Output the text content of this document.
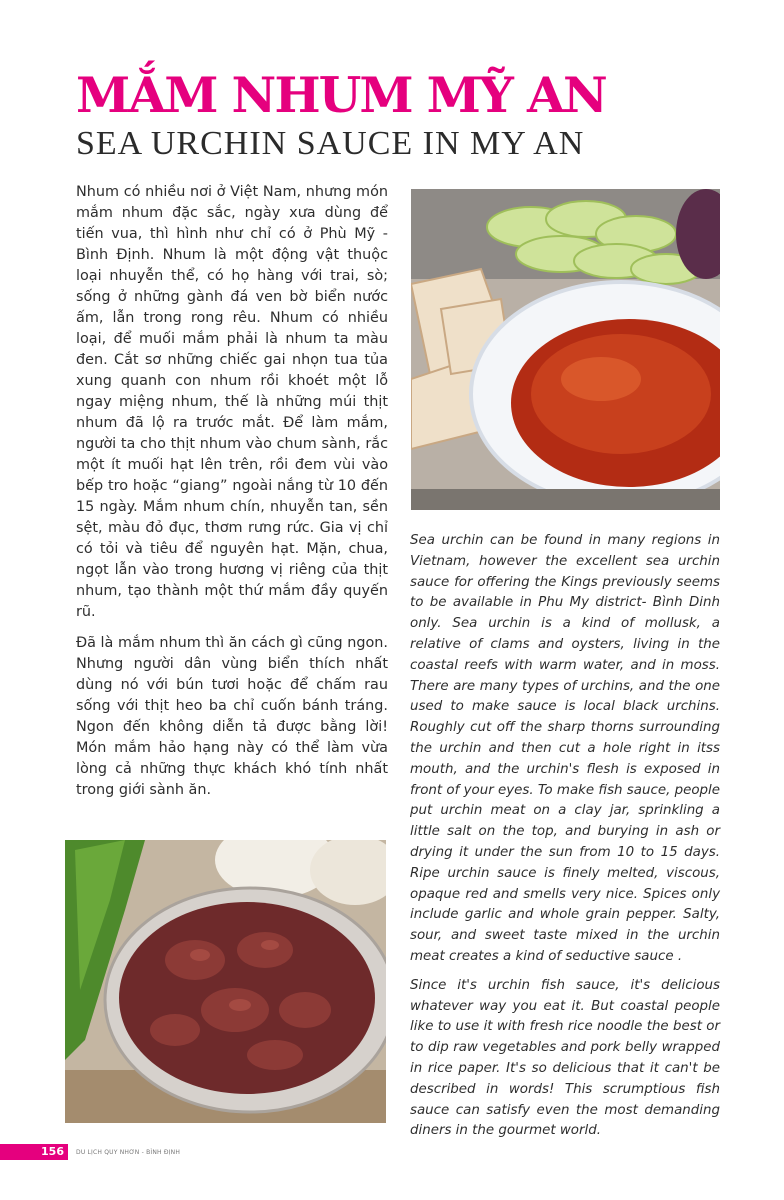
MẮM NHUM MỸ AN
SEA URCHIN SAUCE IN MY AN

Nhum có nhiều nơi ở Việt Nam, nhưng món mắm nhum đặc sắc, ngày xưa dùng để tiến vua, thì hình như chỉ có ở Phù Mỹ - Bình Định. Nhum là một động vật thuộc loại nhuyễn thể, có họ hàng với trai, sò; sống ở những gành đá ven bờ biển nước ấm, lẫn trong rong rêu. Nhum có nhiều loại, để muối mắm phải là nhum ta màu đen. Cắt sơ những chiếc gai nhọn tua tủa xung quanh con nhum rồi khoét một lỗ ngay miệng nhum, thế là những múi thịt nhum đã lộ ra trước mắt. Để làm mắm, người ta cho thịt nhum vào chum sành, rắc một ít muối hạt lên trên, rồi đem vùi vào bếp tro hoặc “giang” ngoài nắng từ 10 đến 15 ngày. Mắm nhum chín, nhuyễn tan, sền sệt, màu đỏ đục, thơm rưng rức. Gia vị chỉ có tỏi và tiêu để nguyên hạt. Mặn, chua, ngọt lẫn vào trong hương vị riêng của thịt nhum, tạo thành một thứ mắm đầy quyến rũ.

Đã là mắm nhum thì ăn cách gì cũng ngon. Nhưng người dân vùng biển thích nhất dùng nó với bún tươi hoặc để chấm rau sống với thịt heo ba chỉ cuốn bánh tráng. Ngon đến không diễn tả được bằng lời! Món mắm hảo hạng này có thể làm vừa lòng cả những thực khách khó tính nhất trong giới sành ăn.

Sea urchin can be found in many regions in Vietnam, however the excellent sea urchin sauce for offering the Kings previously seems to be available in Phu My district- Bình Dinh only. Sea urchin is a kind of mollusk, a relative of clams and oysters, living in the coastal reefs with warm water, and in moss. There are many types of urchins, and the one used to make sauce is local black urchins. Roughly cut off the sharp thorns surrounding the urchin and then cut a hole right in itss mouth, and the urchin's flesh is exposed in front of your eyes. To make fish sauce, people put urchin meat on a clay jar, sprinkling a little salt on the top, and burying in ash or drying it under the sun from 10 to 15 days. Ripe urchin sauce is finely melted, viscous, opaque red and smells very nice. Spices only include garlic and whole grain pepper. Salty, sour, and sweet taste mixed in the urchin meat creates a kind of seductive sauce .

Since it's urchin fish sauce, it's delicious whatever way you eat it. But coastal people like to use it with fresh rice noodle the best or to dip raw vegetables and pork belly wrapped in rice paper. It's so delicious that it can't be described in words! This scrumptious fish sauce can satisfy even the most demanding diners in the gourmet world.

156	DU LỊCH QUY NHƠN - BÌNH ĐỊNH
